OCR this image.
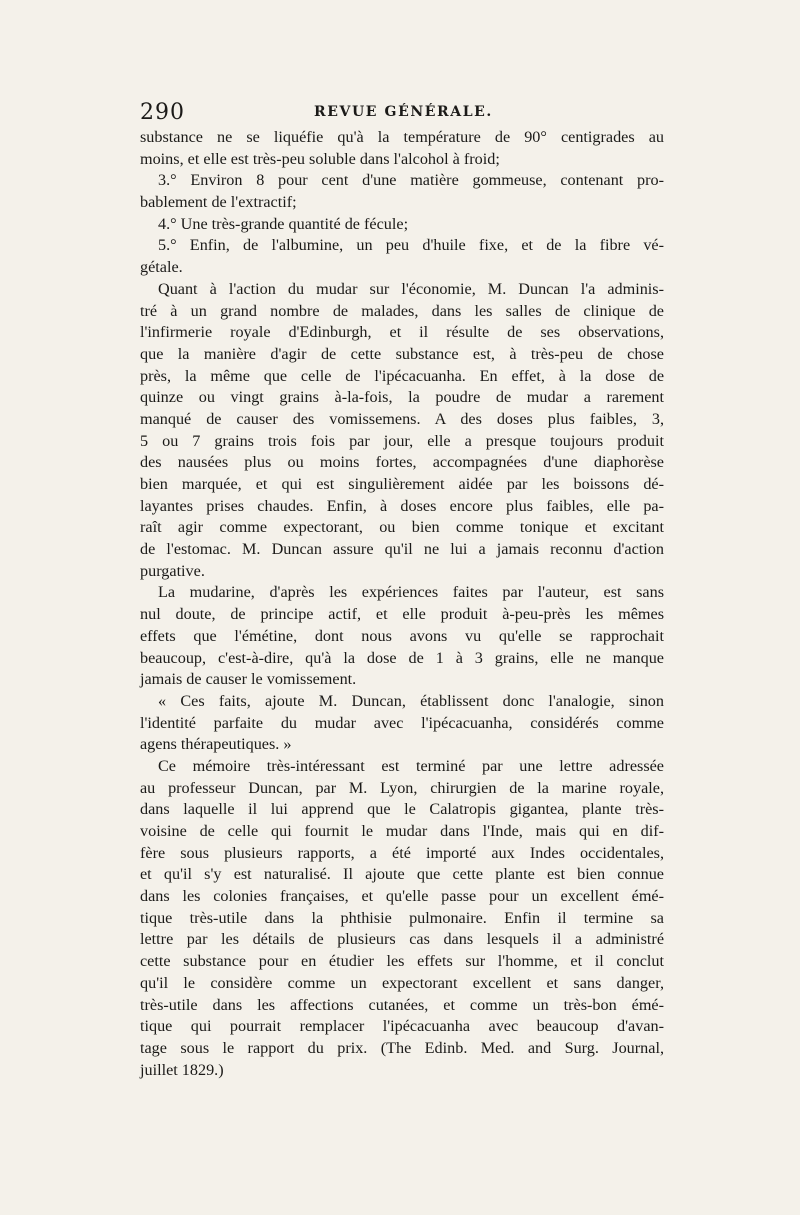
290	REVUE GÉNÉRALE.
substance ne se liquéfie qu'à la température de 90° centigrades au
moins, et elle est très-peu soluble dans l'alcohol à froid;
3.° Environ 8 pour cent d'une matière gommeuse, contenant pro-
bablement de l'extractif;
4.° Une très-grande quantité de fécule;
5.° Enfin, de l'albumine, un peu d'huile fixe, et de la fibre vé-
gétale.
Quant à l'action du mudar sur l'économie, M. Duncan l'a adminis-
tré à un grand nombre de malades, dans les salles de clinique de
l'infirmerie royale d'Edinburgh, et il résulte de ses observations,
que la manière d'agir de cette substance est, à très-peu de chose
près, la même que celle de l'ipécacuanha. En effet, à la dose de
quinze ou vingt grains à-la-fois, la poudre de mudar a rarement
manqué de causer des vomissemens. A des doses plus faibles, 3,
5 ou 7 grains trois fois par jour, elle a presque toujours produit
des nausées plus ou moins fortes, accompagnées d'une diaphorèse
bien marquée, et qui est singulièrement aidée par les boissons dé-
layantes prises chaudes. Enfin, à doses encore plus faibles, elle pa-
raît agir comme expectorant, ou bien comme tonique et excitant
de l'estomac. M. Duncan assure qu'il ne lui a jamais reconnu d'action
purgative.
La mudarine, d'après les expériences faites par l'auteur, est sans
nul doute, de principe actif, et elle produit à-peu-près les mêmes
effets que l'émétine, dont nous avons vu qu'elle se rapprochait
beaucoup, c'est-à-dire, qu'à la dose de 1 à 3 grains, elle ne manque
jamais de causer le vomissement.
« Ces faits, ajoute M. Duncan, établissent donc l'analogie, sinon
l'identité parfaite du mudar avec l'ipécacuanha, considérés comme
agens thérapeutiques. »
Ce mémoire très-intéressant est terminé par une lettre adressée
au professeur Duncan, par M. Lyon, chirurgien de la marine royale,
dans laquelle il lui apprend que le Calatropis gigantea, plante très-
voisine de celle qui fournit le mudar dans l'Inde, mais qui en dif-
fère sous plusieurs rapports, a été importé aux Indes occidentales,
et qu'il s'y est naturalisé. Il ajoute que cette plante est bien connue
dans les colonies françaises, et qu'elle passe pour un excellent émé-
tique très-utile dans la phthisie pulmonaire. Enfin il termine sa
lettre par les détails de plusieurs cas dans lesquels il a administré
cette substance pour en étudier les effets sur l'homme, et il conclut
qu'il le considère comme un expectorant excellent et sans danger,
très-utile dans les affections cutanées, et comme un très-bon émé-
tique qui pourrait remplacer l'ipécacuanha avec beaucoup d'avan-
tage sous le rapport du prix. (The Edinb. Med. and Surg. Journal,
juillet 1829.)
